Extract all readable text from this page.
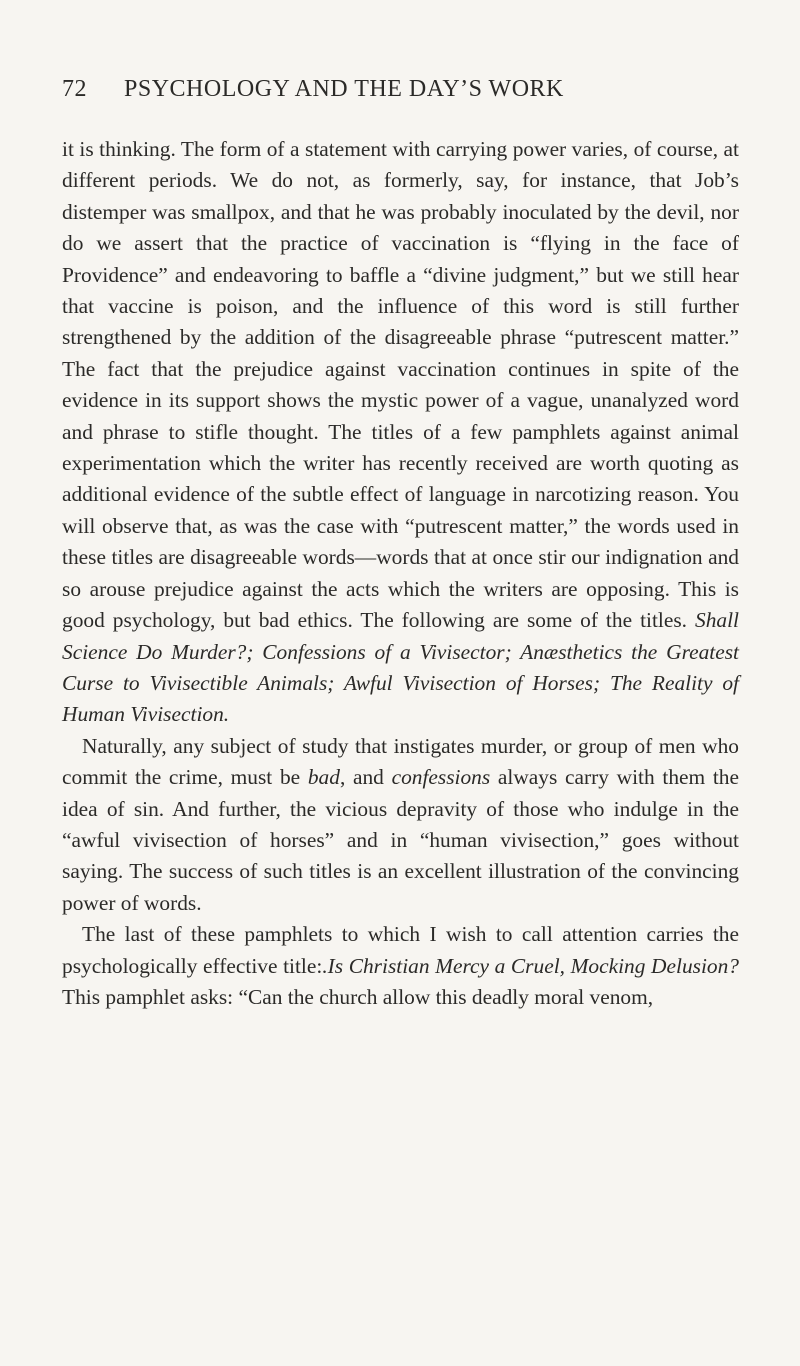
72 PSYCHOLOGY AND THE DAY’S WORK

it is thinking. The form of a statement with carrying power varies, of course, at different periods. We do not, as formerly, say, for instance, that Job’s distemper was smallpox, and that he was probably inoculated by the devil, nor do we assert that the practice of vaccination is “flying in the face of Providence” and endeavoring to baffle a “divine judgment,” but we still hear that vaccine is poison, and the influence of this word is still further strengthened by the addition of the disagreeable phrase “putrescent matter.” The fact that the prejudice against vaccination continues in spite of the evidence in its support shows the mystic power of a vague, unanalyzed word and phrase to stifle thought. The titles of a few pamphlets against animal experimentation which the writer has recently received are worth quoting as additional evidence of the subtle effect of language in narcotizing reason. You will observe that, as was the case with “putrescent matter,” the words used in these titles are disagreeable words—words that at once stir our indignation and so arouse prejudice against the acts which the writers are opposing. This is good psychology, but bad ethics. The following are some of the titles. Shall Science Do Murder?; Confessions of a Vivisector; Anæsthetics the Greatest Curse to Vivisectible Animals; Awful Vivisection of Horses; The Reality of Human Vivisection.

Naturally, any subject of study that instigates murder, or group of men who commit the crime, must be bad, and confessions always carry with them the idea of sin. And further, the vicious depravity of those who indulge in the “awful vivisection of horses” and in “human vivisection,” goes without saying. The success of such titles is an excellent illustration of the convincing power of words.

The last of these pamphlets to which I wish to call attention carries the psychologically effective title:.Is Christian Mercy a Cruel, Mocking Delusion? This pamphlet asks: “Can the church allow this deadly moral venom,
